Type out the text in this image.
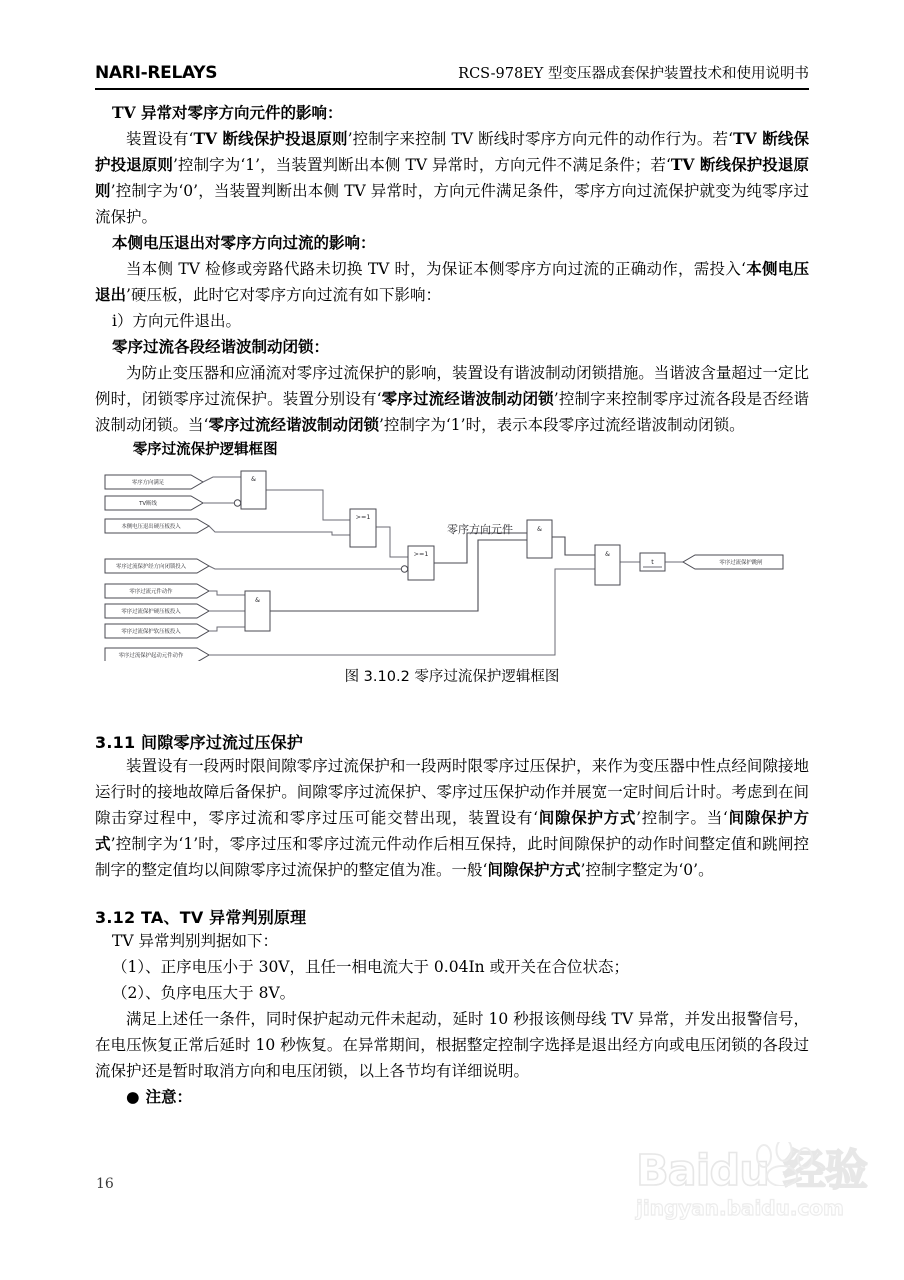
NARI-RELAYS	RCS-978EY 型变压器成套保护装置技术和使用说明书

TV 异常对零序方向元件的影响：

装置设有‘TV 断线保护投退原则’控制字来控制 TV 断线时零序方向元件的动作行为。若‘TV 断线保护投退原则’控制字为‘1’，当装置判断出本侧 TV 异常时，方向元件不满足条件；若‘TV 断线保护投退原则’控制字为‘0’，当装置判断出本侧 TV 异常时，方向元件满足条件，零序方向过流保护就变为纯零序过流保护。

本侧电压退出对零序方向过流的影响：

当本侧 TV 检修或旁路代路未切换 TV 时，为保证本侧零序方向过流的正确动作，需投入‘本侧电压退出’硬压板，此时它对零序方向过流有如下影响：

i）方向元件退出。

零序过流各段经谐波制动闭锁：

为防止变压器和应涌流对零序过流保护的影响，装置设有谐波制动闭锁措施。当谐波含量超过一定比例时，闭锁零序过流保护。装置分别设有‘零序过流经谐波制动闭锁’控制字来控制零序过流各段是否经谐波制动闭锁。当‘零序过流经谐波制动闭锁’控制字为‘1’时，表示本段零序过流经谐波制动闭锁。

零序过流保护逻辑框图

零序方向满足
TV断线
本侧电压退出硬压板投入
零序过流保护经方向闭锁投入
零序过流元件动作
零序过流保护硬压板投入
零序过流保护软压板投入
零序过流保护起动元件动作
&
>=1
>=1
&
&
&
t
零序方向元件
零序过流保护跳闸

图 3.10.2 零序过流保护逻辑框图

3.11 间隙零序过流过压保护

装置设有一段两时限间隙零序过流保护和一段两时限零序过压保护，来作为变压器中性点经间隙接地运行时的接地故障后备保护。间隙零序过流保护、零序过压保护动作并展宽一定时间后计时。考虑到在间隙击穿过程中，零序过流和零序过压可能交替出现，装置设有‘间隙保护方式’控制字。当‘间隙保护方式’控制字为‘1’时，零序过压和零序过流元件动作后相互保持，此时间隙保护的动作时间整定值和跳闸控制字的整定值均以间隙零序过流保护的整定值为准。一般‘间隙保护方式’控制字整定为‘0’。

3.12 TA、TV 异常判别原理

TV 异常判别判据如下：

（1）、正序电压小于 30V，且任一相电流大于 0.04In 或开关在合位状态；

（2）、负序电压大于 8V。

满足上述任一条件，同时保护起动元件未起动，延时 10 秒报该侧母线 TV 异常，并发出报警信号，在电压恢复正常后延时 10 秒恢复。在异常期间，根据整定控制字选择是退出经方向或电压闭锁的各段过流保护还是暂时取消方向和电压闭锁，以上各节均有详细说明。

● 注意：

16	Baidu 经验
jingyan.baidu.com
